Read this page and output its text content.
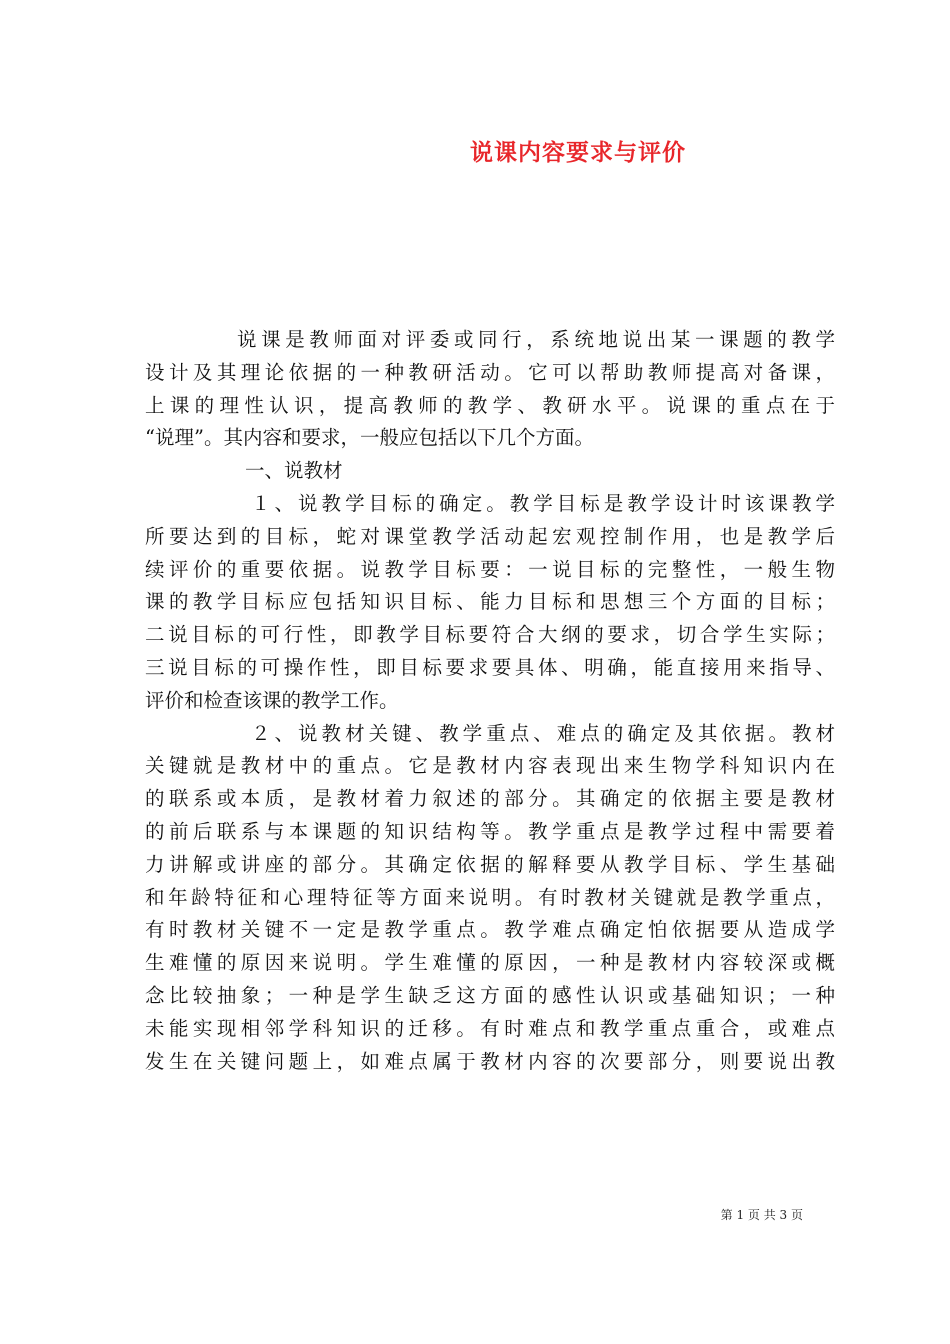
说课内容要求与评价
说课是教师面对评委或同行，系统地说出某一课题的教学
设计及其理论依据的一种教研活动。它可以帮助教师提高对备课，
上课的理性认识，提高教师的教学、教研水平。说课的重点在于
“说理”。其内容和要求，一般应包括以下几个方面。
一、说教材
１、说教学目标的确定。教学目标是教学设计时该课教学
所要达到的目标，蛇对课堂教学活动起宏观控制作用，也是教学后
续评价的重要依据。说教学目标要：一说目标的完整性，一般生物
课的教学目标应包括知识目标、能力目标和思想三个方面的目标；
二说目标的可行性，即教学目标要符合大纲的要求，切合学生实际；
三说目标的可操作性，即目标要求要具体、明确，能直接用来指导、
评价和检查该课的教学工作。
２、说教材关键、教学重点、难点的确定及其依据。教材
关键就是教材中的重点。它是教材内容表现出来生物学科知识内在
的联系或本质，是教材着力叙述的部分。其确定的依据主要是教材
的前后联系与本课题的知识结构等。教学重点是教学过程中需要着
力讲解或讲座的部分。其确定依据的解释要从教学目标、学生基础
和年龄特征和心理特征等方面来说明。有时教材关键就是教学重点，
有时教材关键不一定是教学重点。教学难点确定怕依据要从造成学
生难懂的原因来说明。学生难懂的原因，一种是教材内容较深或概
念比较抽象；一种是学生缺乏这方面的感性认识或基础知识；一种
未能实现相邻学科知识的迁移。有时难点和教学重点重合，或难点
发生在关键问题上，如难点属于教材内容的次要部分，则要说出教
第 1 页 共 3 页
